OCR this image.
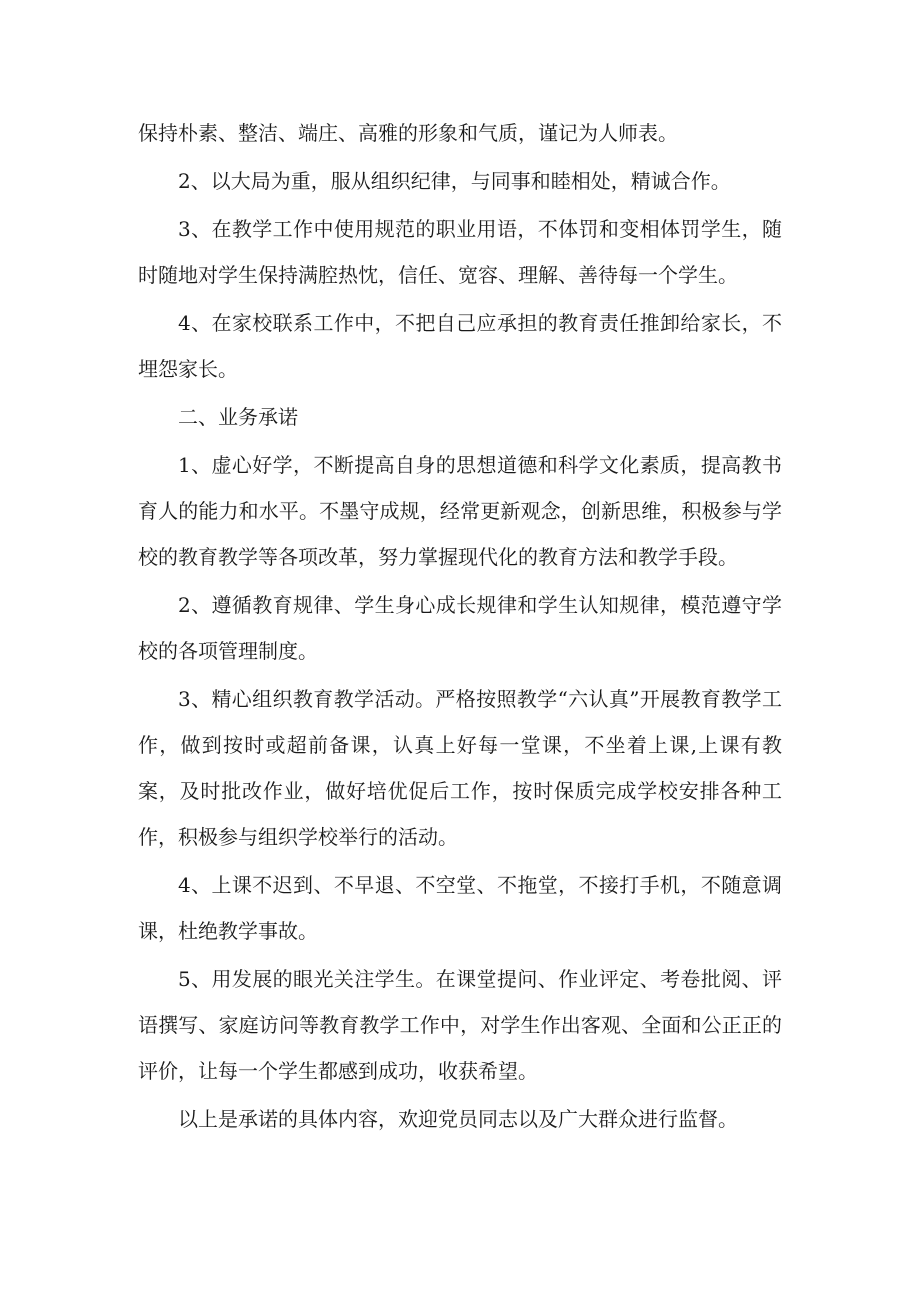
保持朴素、整洁、端庄、高雅的形象和气质，谨记为人师表。

2、以大局为重，服从组织纪律，与同事和睦相处，精诚合作。

3、在教学工作中使用规范的职业用语，不体罚和变相体罚学生，随时随地对学生保持满腔热忱，信任、宽容、理解、善待每一个学生。

4、在家校联系工作中，不把自己应承担的教育责任推卸给家长，不埋怨家长。

二、业务承诺

1、虚心好学，不断提高自身的思想道德和科学文化素质，提高教书育人的能力和水平。不墨守成规，经常更新观念，创新思维，积极参与学校的教育教学等各项改革，努力掌握现代化的教育方法和教学手段。

2、遵循教育规律、学生身心成长规律和学生认知规律，模范遵守学校的各项管理制度。

3、精心组织教育教学活动。严格按照教学“六认真”开展教育教学工作，做到按时或超前备课，认真上好每一堂课，不坐着上课,上课有教案，及时批改作业，做好培优促后工作，按时保质完成学校安排各种工作，积极参与组织学校举行的活动。

4、上课不迟到、不早退、不空堂、不拖堂，不接打手机，不随意调课，杜绝教学事故。

5、用发展的眼光关注学生。在课堂提问、作业评定、考卷批阅、评语撰写、家庭访问等教育教学工作中，对学生作出客观、全面和公正正的评价，让每一个学生都感到成功，收获希望。

以上是承诺的具体内容，欢迎党员同志以及广大群众进行监督。
